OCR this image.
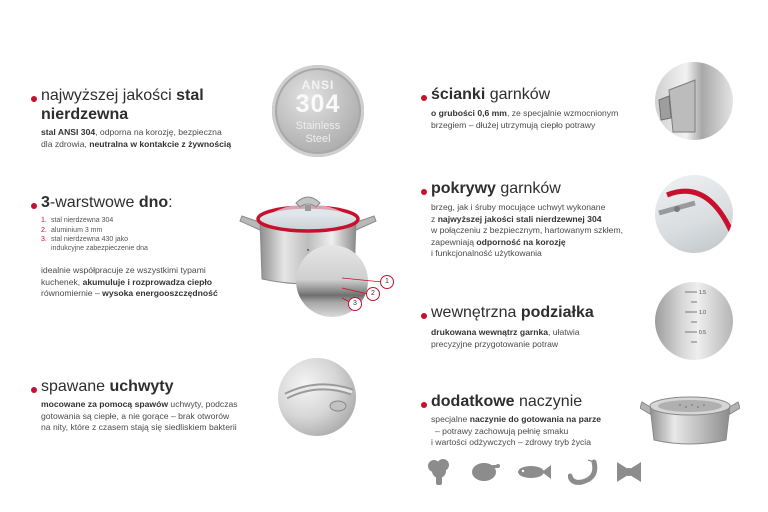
najwyższej jakości stal
nierdzewna
stal ANSI 304, odporna na korozję, bezpieczna
dla zdrowia, neutralna w kontakcie z żywnością
ANSI
304
Stainless
Steel
3-warstwowe dno:
1. stal nierdzewna 304
2. aluminium 3 mm
3. stal nierdzewna 430 jako
indukcyjne zabezpieczenie dna
idealnie współpracuje ze wszystkimi typami
kuchenek, akumuluje i rozprowadza ciepło
równomiernie – wysoka energooszczędność
■
1
2
3
spawane uchwyty
mocowane za pomocą spawów uchwyty, podczas
gotowania są ciepłe, a nie gorące – brak otworów
na nity, które z czasem stają się siedliskiem bakterii
ścianki garnków
o grubości 0,6 mm, ze specjalnie wzmocnionym
brzegiem – dłużej utrzymują ciepło potrawy
pokrywy garnków
brzeg, jak i śruby mocujące uchwyt wykonane
z najwyższej jakości stali nierdzewnej 304
w połączeniu z bezpiecznym, hartowanym szkłem,
zapewniają odporność na korozję
i funkcjonalność użytkowania
wewnętrzna podziałka
drukowana wewnątrz garnka, ułatwia
precyzyjne przygotowanie potraw
1.5
1.0
0.5
dodatkowe naczynie
specjalne naczynie do gotowania na parze
– potrawy zachowują pełnię smaku
i wartości odżywczych – zdrowy tryb życia
